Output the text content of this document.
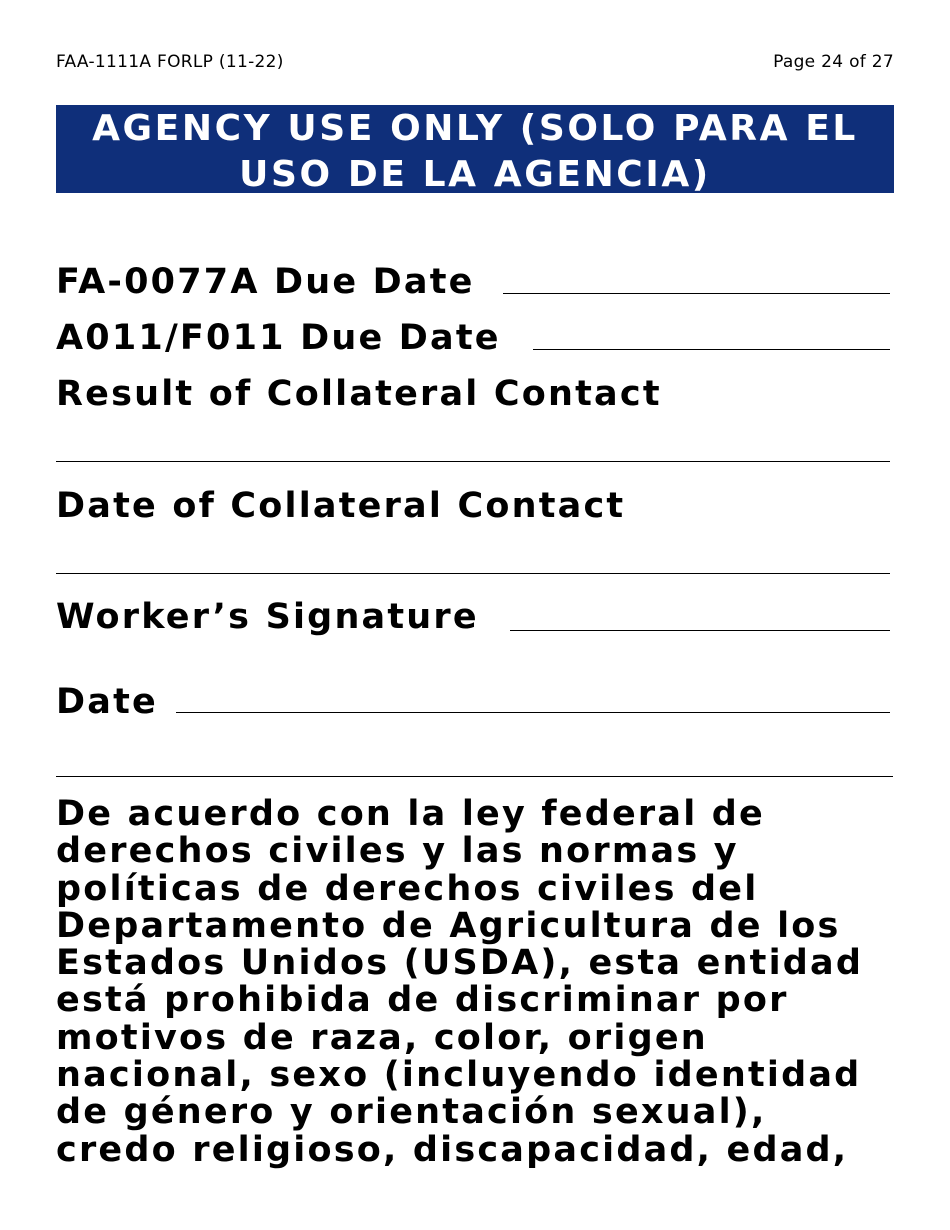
FAA-1111A FORLP (11-22)	Page 24 of 27
AGENCY USE ONLY (SOLO PARA EL
USO DE LA AGENCIA)
FA-0077A Due Date
A011/F011 Due Date
Result of Collateral Contact
Date of Collateral Contact
Worker’s Signature
Date
De acuerdo con la ley federal de
derechos civiles y las normas y
políticas de derechos civiles del
Departamento de Agricultura de los
Estados Unidos (USDA), esta entidad
está prohibida de discriminar por
motivos de raza, color, origen
nacional, sexo (incluyendo identidad
de género y orientación sexual),
credo religioso, discapacidad, edad,
